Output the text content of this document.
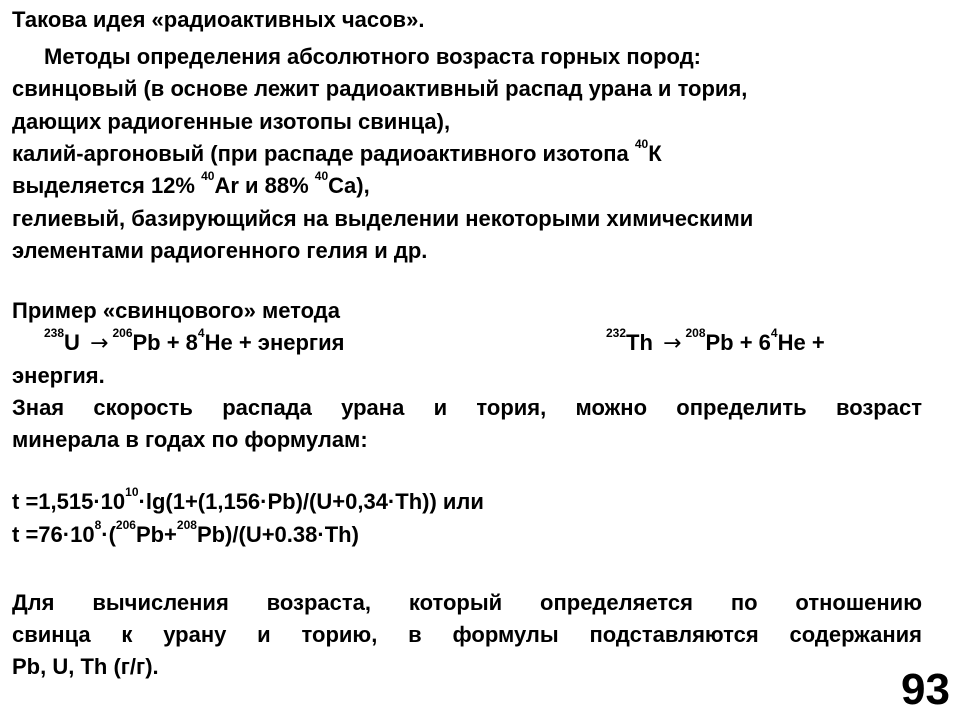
Такова идея «радиоактивных часов».
Методы определения абсолютного возраста горных пород:
свинцовый (в основе лежит радиоактивный распад урана и тория,
дающих радиогенные изотопы свинца),
калий-аргоновый (при распаде радиоактивного изотопа $^{40}$К
выделяется 12% $^{40}$Ar и 88% $^{40}$Ca),
гелиевый, базирующийся на выделении некоторыми химическими
элементами радиогенного гелия и др.
Пример «свинцового» метода
$^{238}U \to ^{206}Pb + 8^4He$ + энергия	$^{232}Th \to ^{208}Pb + 6^4He$ +
энергия.
Зная скорость распада урана и тория, можно определить возраст
минерала в годах по формулам:
$t =1,515\cdot 10^{10}\cdot\lg(1+(1,156\cdot Pb)/(U+0,34\cdot Th))$ или
$t =76\cdot 10^8\cdot(^{206}Pb+^{208}Pb)/(U+0.38\cdot Th)$
Для вычисления возраста, который определяется по отношению
свинца к урану и торию, в формулы подставляются содержания
Pb, U, Th (г/г).	93
